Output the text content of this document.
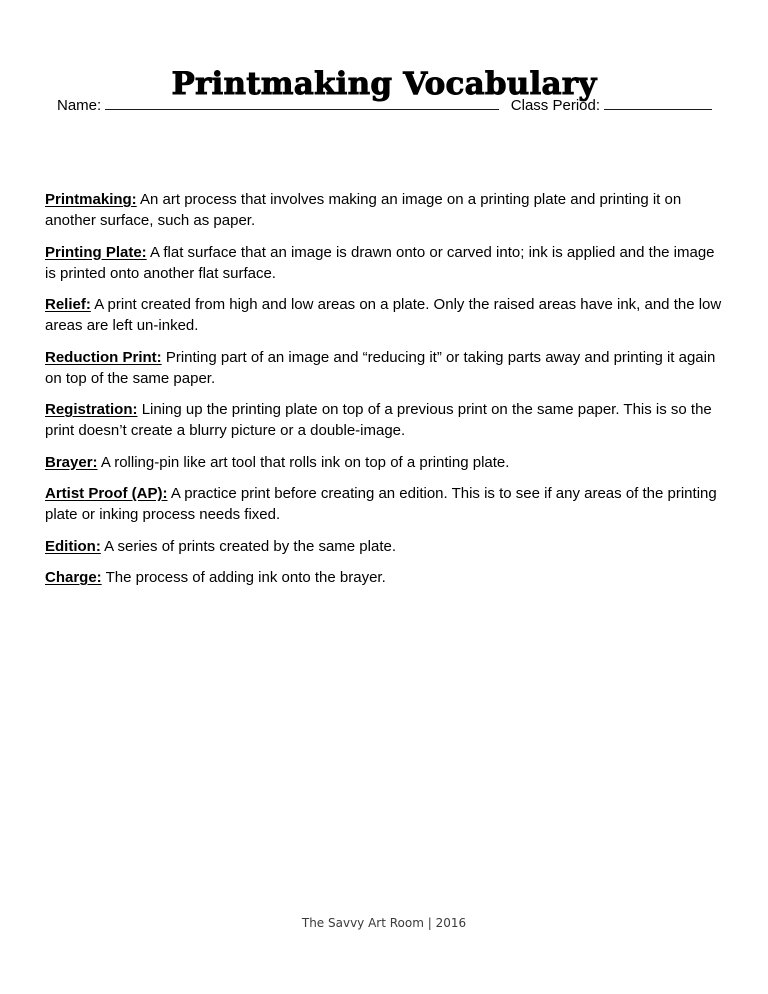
Printmaking Vocabulary
Name:	Class Period:

Printmaking: An art process that involves making an image on a printing plate and printing it on another surface, such as paper.

Printing Plate: A flat surface that an image is drawn onto or carved into; ink is applied and the image is printed onto another flat surface.

Relief: A print created from high and low areas on a plate. Only the raised areas have ink, and the low areas are left un-inked.

Reduction Print: Printing part of an image and “reducing it” or taking parts away and printing it again on top of the same paper.

Registration: Lining up the printing plate on top of a previous print on the same paper. This is so the print doesn’t create a blurry picture or a double-image.

Brayer: A rolling-pin like art tool that rolls ink on top of a printing plate.

Artist Proof (AP): A practice print before creating an edition. This is to see if any areas of the printing plate or inking process needs fixed.

Edition: A series of prints created by the same plate.

Charge: The process of adding ink onto the brayer.

The Savvy Art Room | 2016
